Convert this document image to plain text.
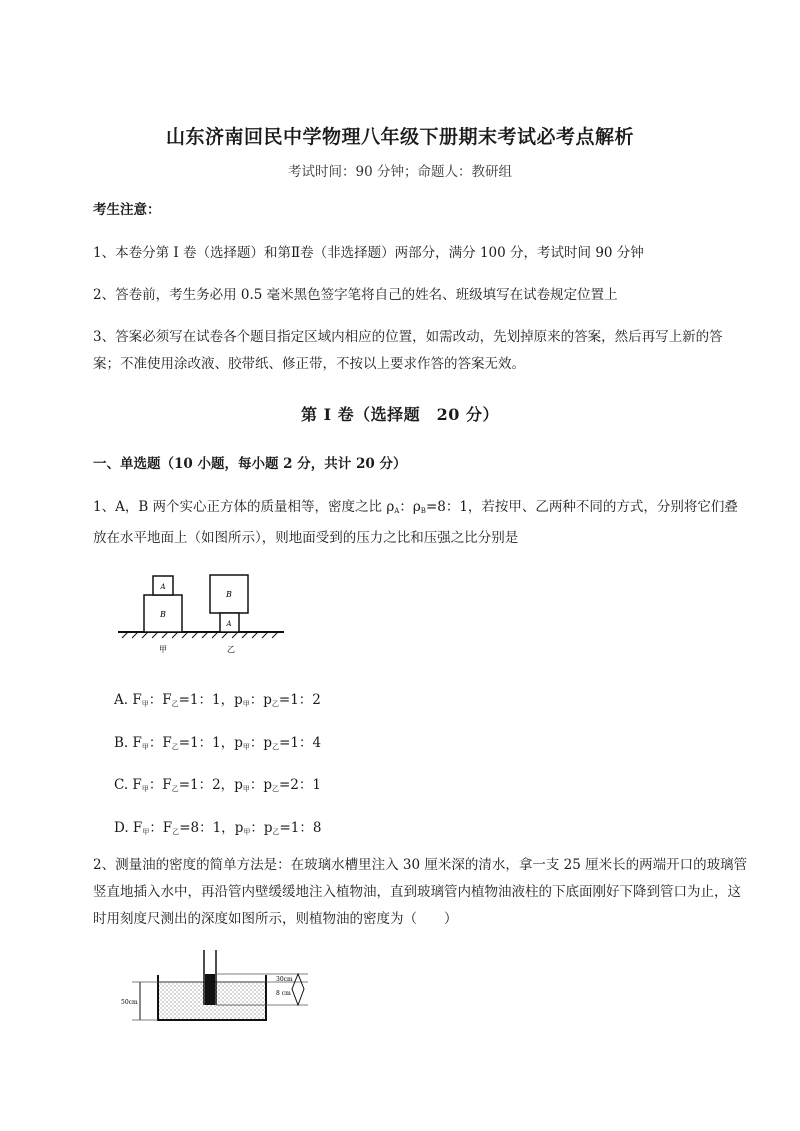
山东济南回民中学物理八年级下册期末考试必考点解析
考试时间：90 分钟；命题人：教研组
考生注意：
1、本卷分第 I 卷（选择题）和第Ⅱ卷（非选择题）两部分，满分 100 分，考试时间 90 分钟
2、答卷前，考生务必用 0.5 毫米黑色签字笔将自己的姓名、班级填写在试卷规定位置上
3、答案必须写在试卷各个题目指定区域内相应的位置，如需改动，先划掉原来的答案，然后再写上新的答案；不准使用涂改液、胶带纸、修正带，不按以上要求作答的答案无效。
第 I 卷（选择题　20 分）
一、单选题（10 小题，每小题 2 分，共计 20 分）
1、A，B 两个实心正方体的质量相等，密度之比 $\rho_A$：$\rho_B=8$：1，若按甲、乙两种不同的方式，分别将它们叠放在水平地面上（如图所示），则地面受到的压力之比和压强之比分别是
B
A
B
A
甲	乙
A. $F_甲$：$F_乙=1$：1，$p_甲$：$p_乙=1$：2
B. $F_甲$：$F_乙=1$：1，$p_甲$：$p_乙=1$：4
C. $F_甲$：$F_乙=1$：2，$p_甲$：$p_乙=2$：1
D. $F_甲$：$F_乙=8$：1，$p_甲$：$p_乙=1$：8
2、测量油的密度的简单方法是：在玻璃水槽里注入 30 厘米深的清水，拿一支 25 厘米长的两端开口的玻璃管竖直地插入水中，再沿管内壁缓缓地注入植物油，直到玻璃管内植物油液柱的下底面刚好下降到管口为止，这时用刻度尺测出的深度如图所示，则植物油的密度为（　　）
30cm
8 cm
50cm
